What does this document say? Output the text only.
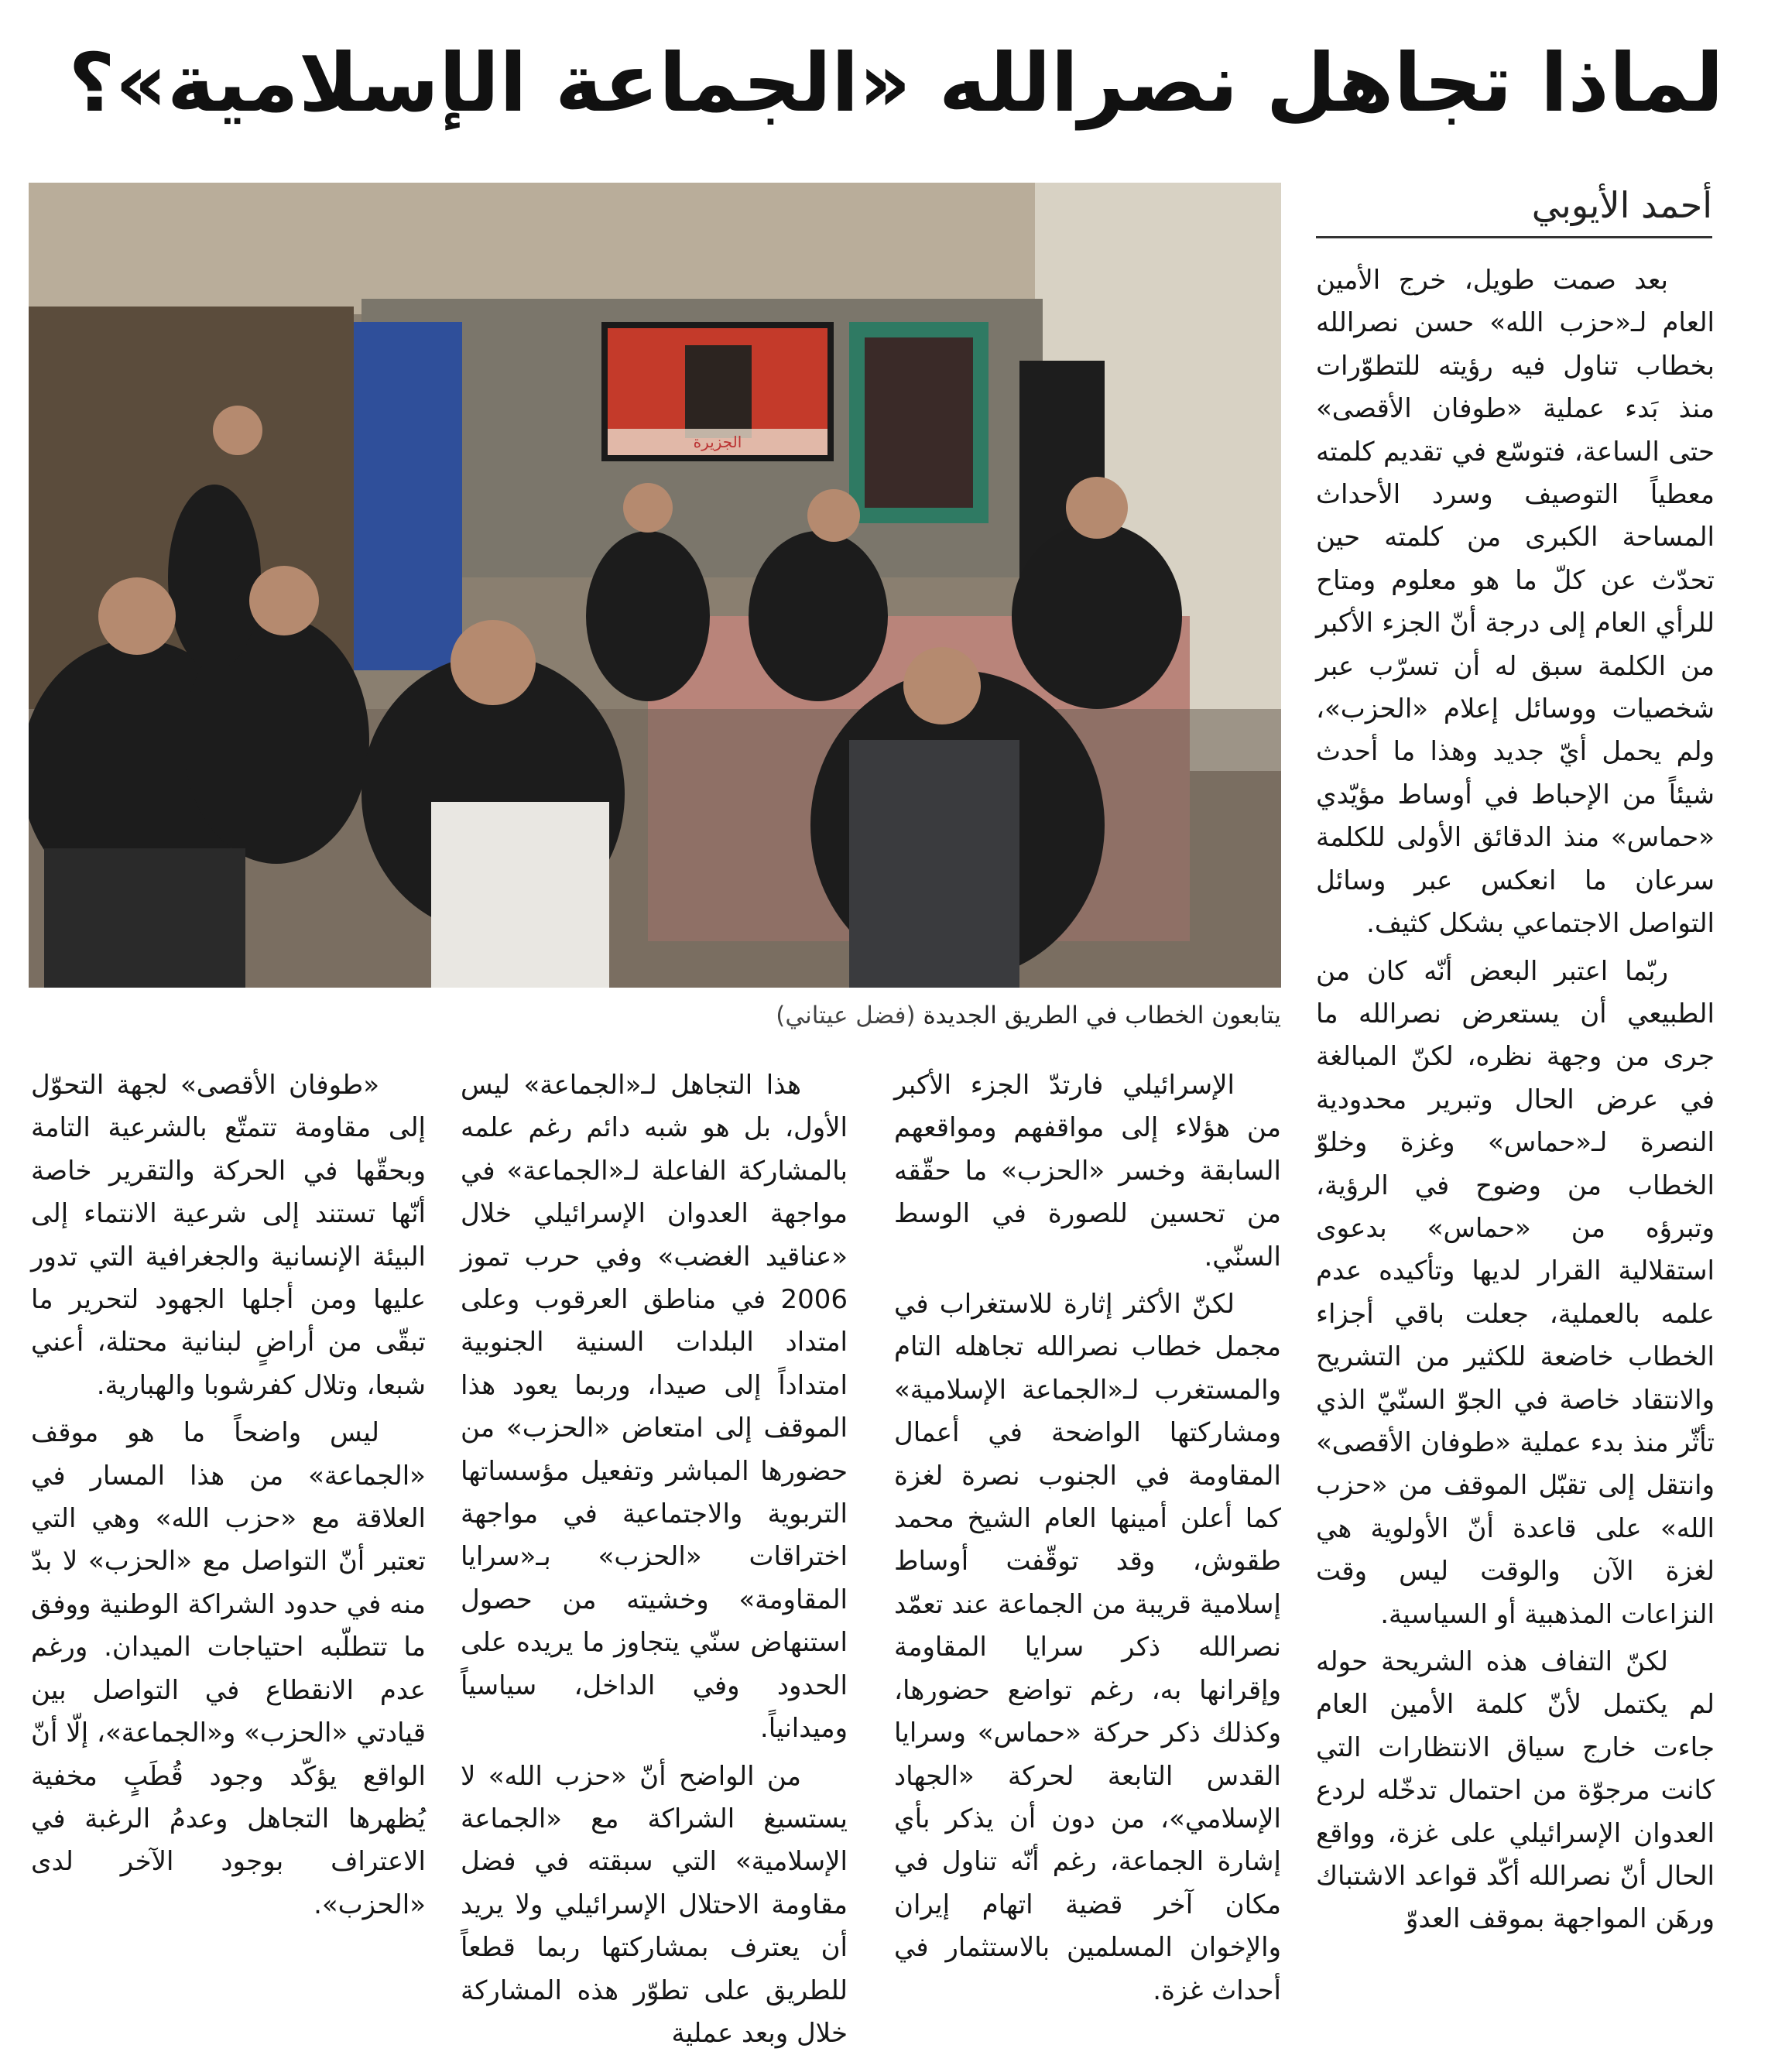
لماذا تجاهل نصرالله «الجماعة الإسلامية»؟
أحمد الأيوبي
الجزيرة
يتابعون الخطاب في الطريق الجديدة (فضل عيتاني)

بعد صمت طويل، خرج الأمين العام لـ«حزب الله» حسن نصرالله بخطاب تناول فيه رؤيته للتطوّرات منذ بَدء عملية «طوفان الأقصى» حتى الساعة، فتوسّع في تقديم كلمته معطياً التوصيف وسرد الأحداث المساحة الكبرى من كلمته حين تحدّث عن كلّ ما هو معلوم ومتاح للرأي العام إلى درجة أنّ الجزء الأكبر من الكلمة سبق له أن تسرّب عبر شخصيات ووسائل إعلام «الحزب»، ولم يحمل أيّ جديد وهذا ما أحدث شيئاً من الإحباط في أوساط مؤيّدي «حماس» منذ الدقائق الأولى للكلمة سرعان ما انعكس عبر وسائل التواصل الاجتماعي بشكل كثيف.

ربّما اعتبر البعض أنّه كان من الطبيعي أن يستعرض نصرالله ما جرى من وجهة نظره، لكنّ المبالغة في عرض الحال وتبرير محدودية النصرة لـ«حماس» وغزة وخلوّ الخطاب من وضوح في الرؤية، وتبرؤه من «حماس» بدعوى استقلالية القرار لديها وتأكيده عدم علمه بالعملية، جعلت باقي أجزاء الخطاب خاضعة للكثير من التشريح والانتقاد خاصة في الجوّ السنّيّ الذي تأثّر منذ بدء عملية «طوفان الأقصى» وانتقل إلى تقبّل الموقف من «حزب الله» على قاعدة أنّ الأولوية هي لغزة الآن والوقت ليس وقت النزاعات المذهبية أو السياسية.

لكنّ التفاف هذه الشريحة حوله لم يكتمل لأنّ كلمة الأمين العام جاءت خارج سياق الانتظارات التي كانت مرجوّة من احتمال تدخّله لردع العدوان الإسرائيلي على غزة، وواقع الحال أنّ نصرالله أكّد قواعد الاشتباك ورهَن المواجهة بموقف العدوّ

الإسرائيلي فارتدّ الجزء الأكبر من هؤلاء إلى مواقفهم ومواقعهم السابقة وخسر «الحزب» ما حقّقه من تحسين للصورة في الوسط السنّي.

لكنّ الأكثر إثارة للاستغراب في مجمل خطاب نصرالله تجاهله التام والمستغرب لـ«الجماعة الإسلامية» ومشاركتها الواضحة في أعمال المقاومة في الجنوب نصرة لغزة كما أعلن أمينها العام الشيخ محمد طقوش، وقد توقّفت أوساط إسلامية قريبة من الجماعة عند تعمّد نصرالله ذكر سرايا المقاومة وإقرانها به، رغم تواضع حضورها، وكذلك ذكر حركة «حماس» وسرايا القدس التابعة لحركة «الجهاد الإسلامي»، من دون أن يذكر بأي إشارة الجماعة، رغم أنّه تناول في مكان آخر قضية اتهام إيران والإخوان المسلمين بالاستثمار في أحداث غزة.

هذا التجاهل لـ«الجماعة» ليس الأول، بل هو شبه دائم رغم علمه بالمشاركة الفاعلة لـ«الجماعة» في مواجهة العدوان الإسرائيلي خلال «عناقيد الغضب» وفي حرب تموز 2006 في مناطق العرقوب وعلى امتداد البلدات السنية الجنوبية امتداداً إلى صيدا، وربما يعود هذا الموقف إلى امتعاض «الحزب» من حضورها المباشر وتفعيل مؤسساتها التربوية والاجتماعية في مواجهة اختراقات «الحزب» بـ«سرايا المقاومة» وخشيته من حصول استنهاض سنّي يتجاوز ما يريده على الحدود وفي الداخل، سياسياً وميدانياً.

من الواضح أنّ «حزب الله» لا يستسيغ الشراكة مع «الجماعة الإسلامية» التي سبقته في فضل مقاومة الاحتلال الإسرائيلي ولا يريد أن يعترف بمشاركتها ربما قطعاً للطريق على تطوّر هذه المشاركة خلال وبعد عملية

«طوفان الأقصى» لجهة التحوّل إلى مقاومة تتمتّع بالشرعية التامة وبحقّها في الحركة والتقرير خاصة أنّها تستند إلى شرعية الانتماء إلى البيئة الإنسانية والجغرافية التي تدور عليها ومن أجلها الجهود لتحرير ما تبقّى من أراضٍ لبنانية محتلة، أعني شبعا، وتلال كفرشوبا والهبارية.

ليس واضحاً ما هو موقف «الجماعة» من هذا المسار في العلاقة مع «حزب الله» وهي التي تعتبر أنّ التواصل مع «الحزب» لا بدّ منه في حدود الشراكة الوطنية ووفق ما تتطلّبه احتياجات الميدان. ورغم عدم الانقطاع في التواصل بين قيادتي «الحزب» و«الجماعة»، إلّا أنّ الواقع يؤكّد وجود قُطَبٍ مخفية يُظهرها التجاهل وعدمُ الرغبة في الاعتراف بوجود الآخر لدى «الحزب».
